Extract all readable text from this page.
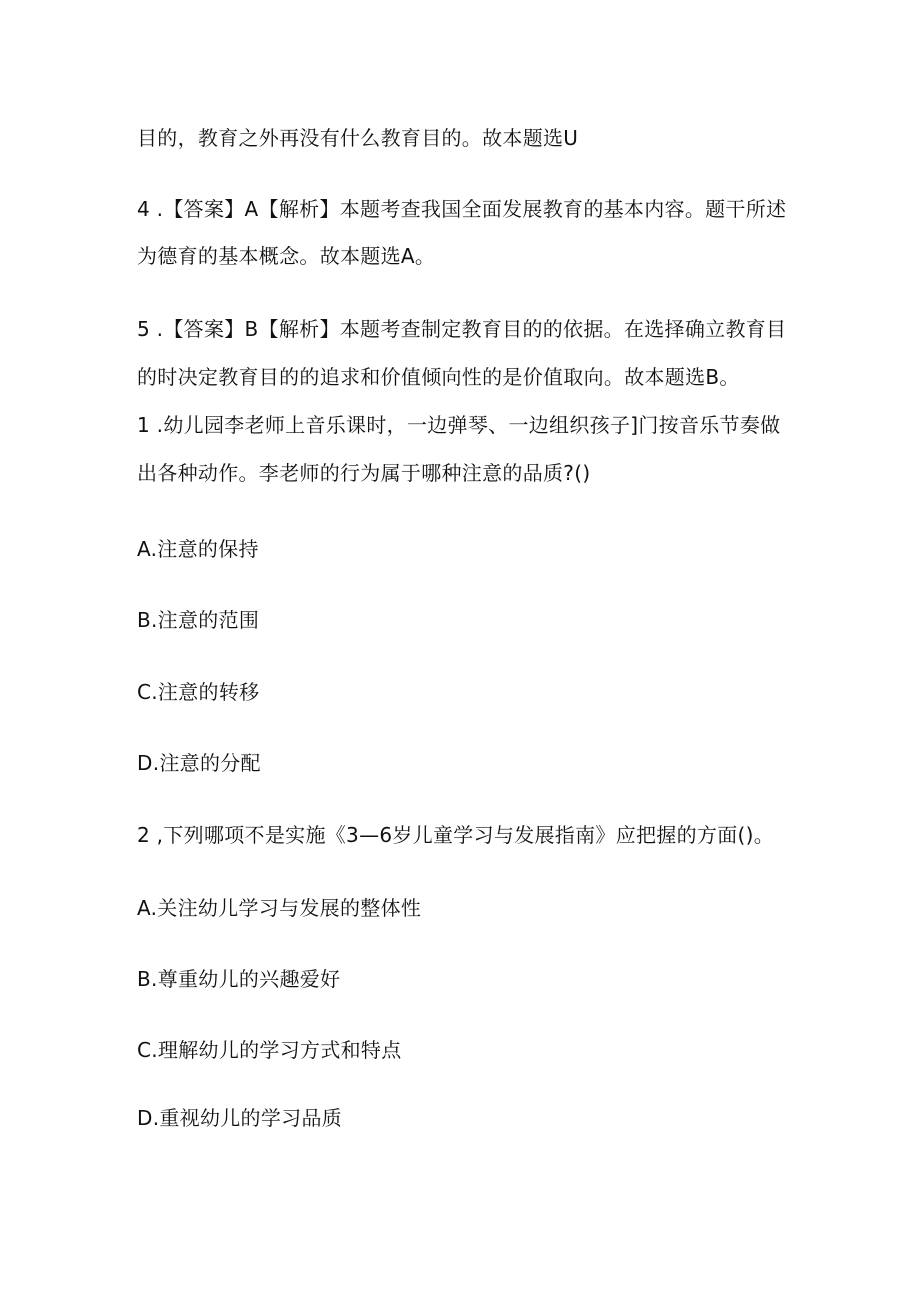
目的，教育之外再没有什么教育目的。故本题选U
4 .【答案】A【解析】本题考查我国全面发展教育的基本内容。题干所述
为德育的基本概念。故本题选A。
5 .【答案】B【解析】本题考查制定教育目的的依据。在选择确立教育目
的时决定教育目的的追求和价值倾向性的是价值取向。故本题选B。
1 .幼儿园李老师上音乐课时，一边弹琴、一边组织孩子]门按音乐节奏做
出各种动作。李老师的行为属于哪种注意的品质?()
A.注意的保持
B.注意的范围
C.注意的转移
D.注意的分配
2 ,下列哪项不是实施《3—6岁儿童学习与发展指南》应把握的方面()。
A.关注幼儿学习与发展的整体性
B.尊重幼儿的兴趣爱好
C.理解幼儿的学习方式和特点
D.重视幼儿的学习品质
